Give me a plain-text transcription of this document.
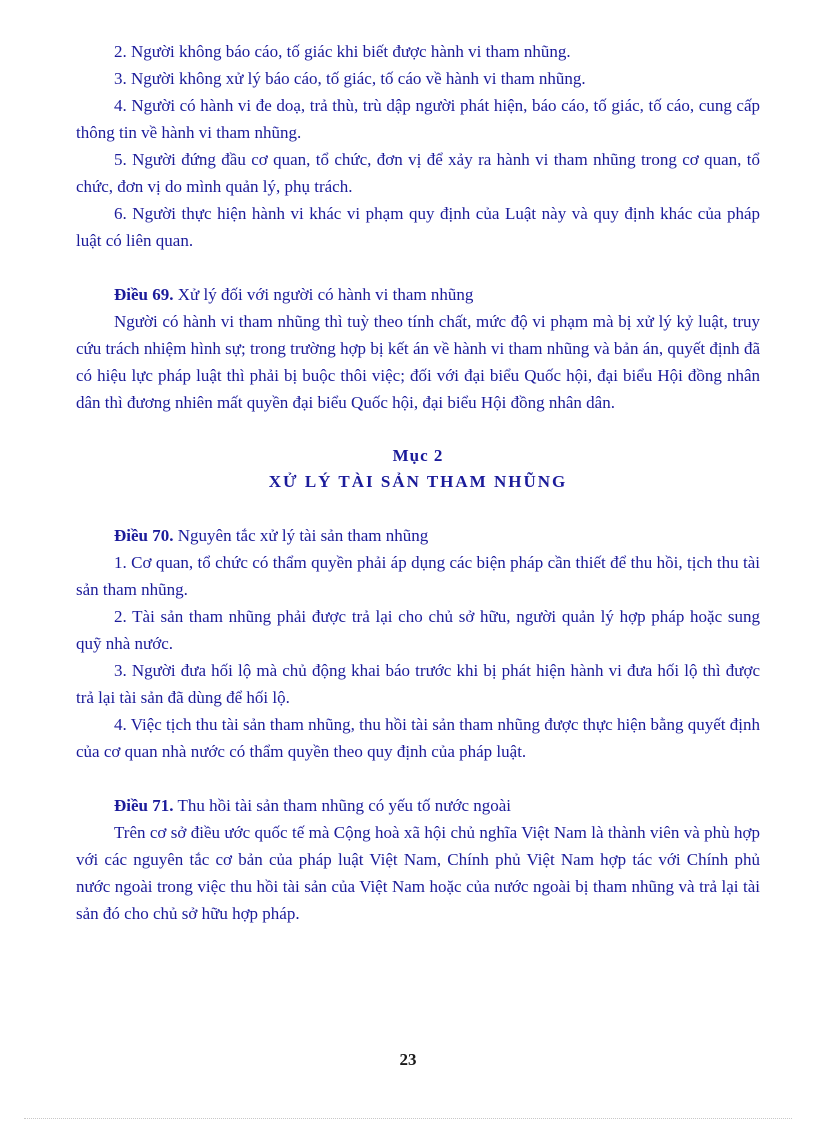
2. Người không báo cáo, tố giác khi biết được hành vi tham nhũng.

3. Người không xử lý báo cáo, tố giác, tố cáo về hành vi tham nhũng.

4. Người có hành vi đe doạ, trả thù, trù dập người phát hiện, báo cáo, tố giác, tố cáo, cung cấp thông tin về hành vi tham nhũng.

5. Người đứng đầu cơ quan, tổ chức, đơn vị để xảy ra hành vi tham nhũng trong cơ quan, tổ chức, đơn vị do mình quản lý, phụ trách.

6. Người thực hiện hành vi khác vi phạm quy định của Luật này và quy định khác của pháp luật có liên quan.

Điều 69. Xử lý đối với người có hành vi tham nhũng

Người có hành vi tham nhũng thì tuỳ theo tính chất, mức độ vi phạm mà bị xử lý kỷ luật, truy cứu trách nhiệm hình sự; trong trường hợp bị kết án về hành vi tham nhũng và bản án, quyết định đã có hiệu lực pháp luật thì phải bị buộc thôi việc; đối với đại biểu Quốc hội, đại biểu Hội đồng nhân dân thì đương nhiên mất quyền đại biểu Quốc hội, đại biểu Hội đồng nhân dân.

Mục 2
XỬ LÝ TÀI SẢN THAM NHŨNG

Điều 70. Nguyên tắc xử lý tài sản tham nhũng

1. Cơ quan, tổ chức có thẩm quyền phải áp dụng các biện pháp cần thiết để thu hồi, tịch thu tài sản tham nhũng.

2. Tài sản tham nhũng phải được trả lại cho chủ sở hữu, người quản lý hợp pháp hoặc sung quỹ nhà nước.

3. Người đưa hối lộ mà chủ động khai báo trước khi bị phát hiện hành vi đưa hối lộ thì được trả lại tài sản đã dùng để hối lộ.

4. Việc tịch thu tài sản tham nhũng, thu hồi tài sản tham nhũng được thực hiện bằng quyết định của cơ quan nhà nước có thẩm quyền theo quy định của pháp luật.

Điều 71. Thu hồi tài sản tham nhũng có yếu tố nước ngoài

Trên cơ sở điều ước quốc tế mà Cộng hoà xã hội chủ nghĩa Việt Nam là thành viên và phù hợp với các nguyên tắc cơ bản của pháp luật Việt Nam, Chính phủ Việt Nam hợp tác với Chính phủ nước ngoài trong việc thu hồi tài sản của Việt Nam hoặc của nước ngoài bị tham nhũng và trả lại tài sản đó cho chủ sở hữu hợp pháp.

23
